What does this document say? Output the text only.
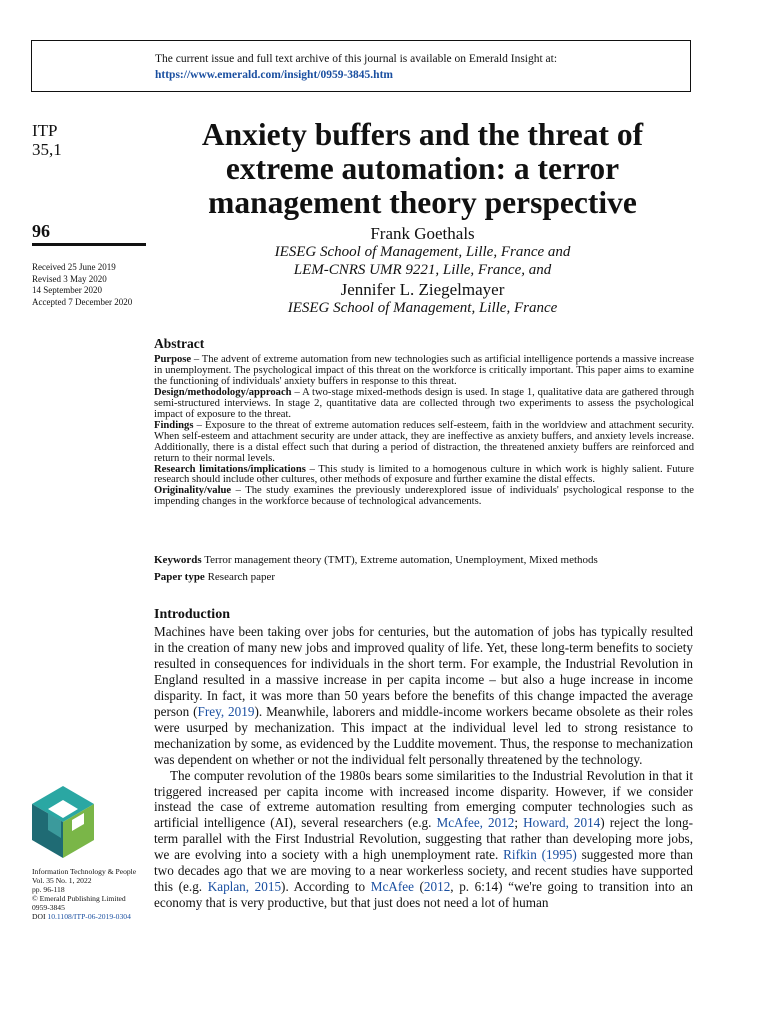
The current issue and full text archive of this journal is available on Emerald Insight at:
https://www.emerald.com/insight/0959-3845.htm
ITP
35,1
96
Received 25 June 2019
Revised 3 May 2020
14 September 2020
Accepted 7 December 2020
Anxiety buffers and the threat of
extreme automation: a terror
management theory perspective
Frank Goethals
IESEG School of Management, Lille, France and
LEM-CNRS UMR 9221, Lille, France, and
Jennifer L. Ziegelmayer
IESEG School of Management, Lille, France
Abstract

Purpose – The advent of extreme automation from new technologies such as artificial intelligence portends a massive increase in unemployment. The psychological impact of this threat on the workforce is critically important. This paper aims to examine the functioning of individuals' anxiety buffers in response to this threat.

Design/methodology/approach – A two-stage mixed-methods design is used. In stage 1, qualitative data are gathered through semi-structured interviews. In stage 2, quantitative data are collected through two experiments to assess the psychological impact of exposure to the threat.

Findings – Exposure to the threat of extreme automation reduces self-esteem, faith in the worldview and attachment security. When self-esteem and attachment security are under attack, they are ineffective as anxiety buffers, and anxiety levels increase. Additionally, there is a distal effect such that during a period of distraction, the threatened anxiety buffers are reinforced and return to their normal levels.

Research limitations/implications – This study is limited to a homogenous culture in which work is highly salient. Future research should include other cultures, other methods of exposure and further examine the distal effects.

Originality/value – The study examines the previously underexplored issue of individuals' psychological response to the impending changes in the workforce because of technological advancements.

Keywords Terror management theory (TMT), Extreme automation, Unemployment, Mixed methods
Paper type Research paper
Introduction

Machines have been taking over jobs for centuries, but the automation of jobs has typically resulted in the creation of many new jobs and improved quality of life. Yet, these long-term benefits to society resulted in consequences for individuals in the short term. For example, the Industrial Revolution in England resulted in a massive increase in per capita income – but also a huge increase in income disparity. In fact, it was more than 50 years before the benefits of this change impacted the average person (Frey, 2019). Meanwhile, laborers and middle-income workers became obsolete as their roles were usurped by mechanization. This impact at the individual level led to strong resistance to mechanization by some, as evidenced by the Luddite movement. Thus, the response to mechanization was dependent on whether or not the individual felt personally threatened by the technology.

The computer revolution of the 1980s bears some similarities to the Industrial Revolution in that it triggered increased per capita income with increased income disparity. However, if we consider instead the case of extreme automation resulting from emerging computer technologies such as artificial intelligence (AI), several researchers (e.g. McAfee, 2012; Howard, 2014) reject the long-term parallel with the First Industrial Revolution, suggesting that rather than developing more jobs, we are evolving into a society with a high unemployment rate. Rifkin (1995) suggested more than two decades ago that we are moving to a near workerless society, and recent studies have supported this (e.g. Kaplan, 2015). According to McAfee (2012, p. 6:14) “we're going to transition into an economy that is very productive, but that just does not need a lot of human

Information Technology & People
Vol. 35 No. 1, 2022
pp. 96-118
© Emerald Publishing Limited
0959-3845
DOI 10.1108/ITP-06-2019-0304
